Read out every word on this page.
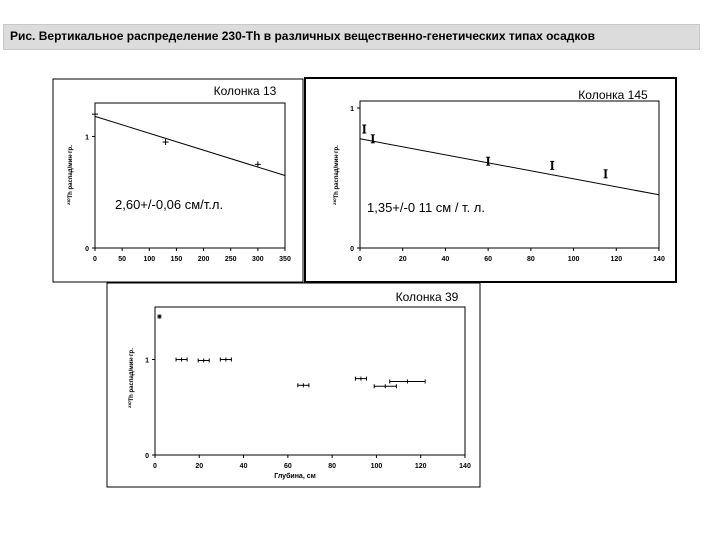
Рис. Вертикальное распределение 230-Th в различных вещественно-генетических типах осадков
Колонка 13
²³⁰Th распад/мин·гр.
0	50 100 150 200 250 300 350
0
1
2,60+/-0,06 см/т.л.
Колонка 145
²³⁰Th распад/мин·гр.
0	20	40	60	80	100	120	140
0
1
1,35+/-0 11 см / т. л.
Колонка 39
²³⁰Th распад/мин·гр.
0	20	40	60	80	100	120	140
0
1
Глубина, см
